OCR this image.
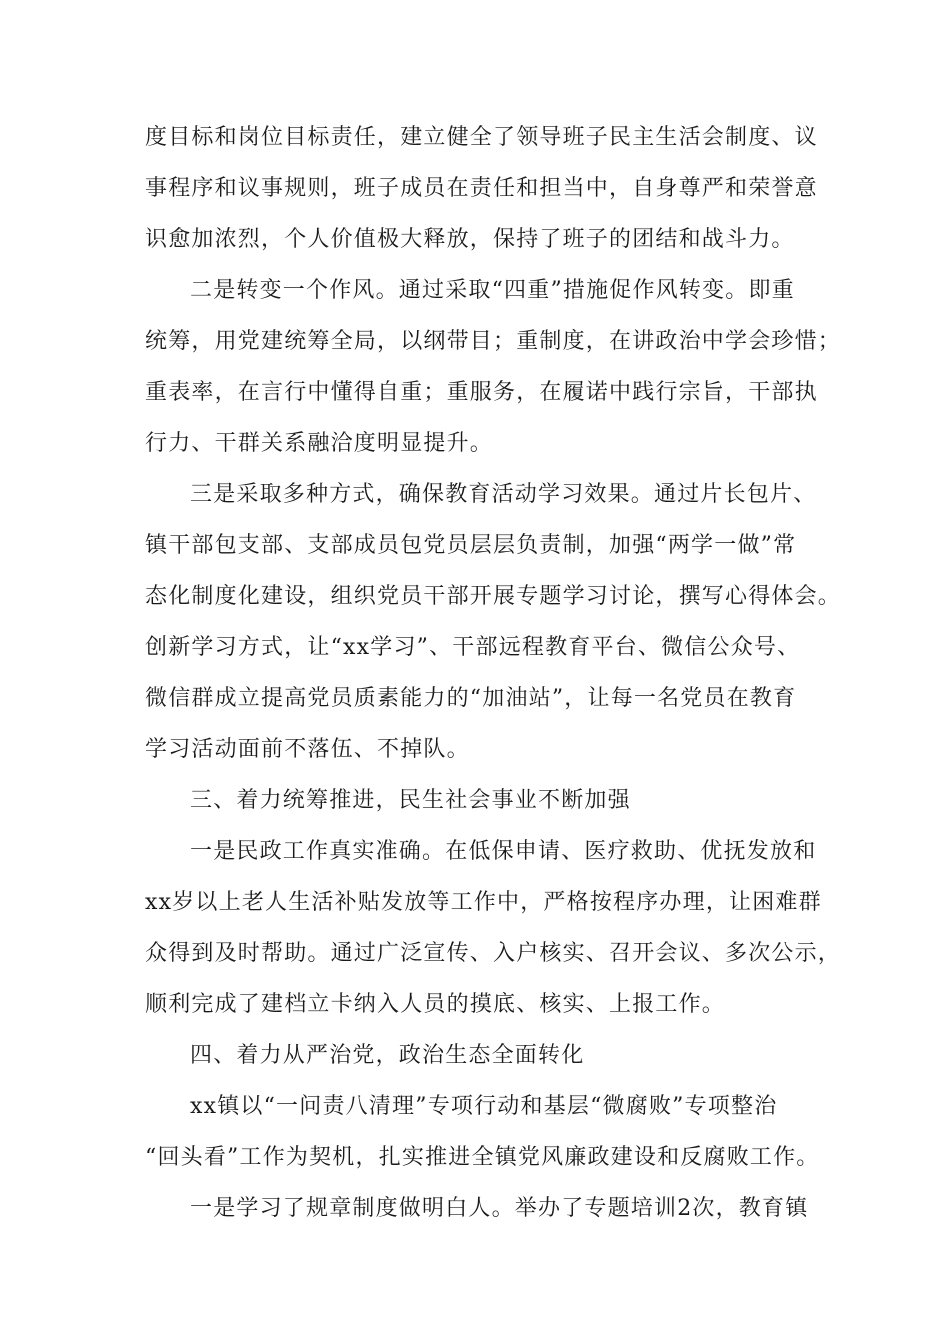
度目标和岗位目标责任，建立健全了领导班子民主生活会制度、议

事程序和议事规则，班子成员在责任和担当中，自身尊严和荣誉意

识愈加浓烈，个人价值极大释放，保持了班子的团结和战斗力。

二是转变一个作风。通过采取“四重”措施促作风转变。即重

统筹，用党建统筹全局，以纲带目；重制度，在讲政治中学会珍惜；

重表率，在言行中懂得自重；重服务，在履诺中践行宗旨，干部执

行力、干群关系融洽度明显提升。

三是采取多种方式，确保教育活动学习效果。通过片长包片、

镇干部包支部、支部成员包党员层层负责制，加强“两学一做”常

态化制度化建设，组织党员干部开展专题学习讨论，撰写心得体会。

创新学习方式，让“xx学习”、干部远程教育平台、微信公众号、

微信群成立提高党员质素能力的“加油站”，让每一名党员在教育

学习活动面前不落伍、不掉队。

三、着力统筹推进，民生社会事业不断加强

一是民政工作真实准确。在低保申请、医疗救助、优抚发放和

xx岁以上老人生活补贴发放等工作中，严格按程序办理，让困难群

众得到及时帮助。通过广泛宣传、入户核实、召开会议、多次公示，

顺利完成了建档立卡纳入人员的摸底、核实、上报工作。

四、着力从严治党，政治生态全面转化

xx镇以“一问责八清理”专项行动和基层“微腐败”专项整治

“回头看”工作为契机，扎实推进全镇党风廉政建设和反腐败工作。

一是学习了规章制度做明白人。举办了专题培训2次，教育镇
